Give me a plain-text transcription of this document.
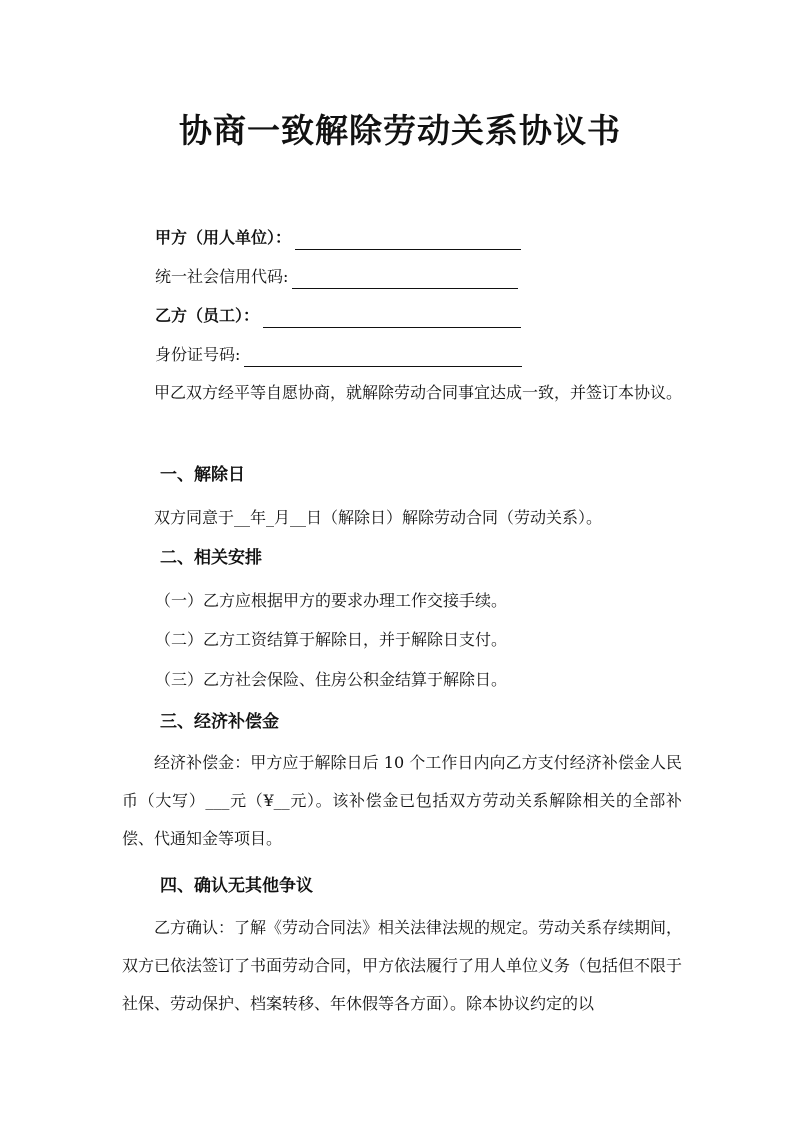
协商一致解除劳动关系协议书
甲方（用人单位）：
统一社会信用代码:
乙方（员工）：
身份证号码:

甲乙双方经平等自愿协商，就解除劳动合同事宜达成一致，并签订本协议。

一、解除日

双方同意于__年_月__日（解除日）解除劳动合同（劳动关系）。

二、相关安排
（一）乙方应根据甲方的要求办理工作交接手续。
（二）乙方工资结算于解除日，并于解除日支付。
（三）乙方社会保险、住房公积金结算于解除日。
三、经济补偿金

经济补偿金：甲方应于解除日后 10 个工作日内向乙方支付经济补偿金人民币（大写）___元（¥__元）。该补偿金已包括双方劳动关系解除相关的全部补偿、代通知金等项目。

四、确认无其他争议

乙方确认：了解《劳动合同法》相关法律法规的规定。劳动关系存续期间，双方已依法签订了书面劳动合同，甲方依法履行了用人单位义务（包括但不限于社保、劳动保护、档案转移、年休假等各方面）。除本协议约定的以
